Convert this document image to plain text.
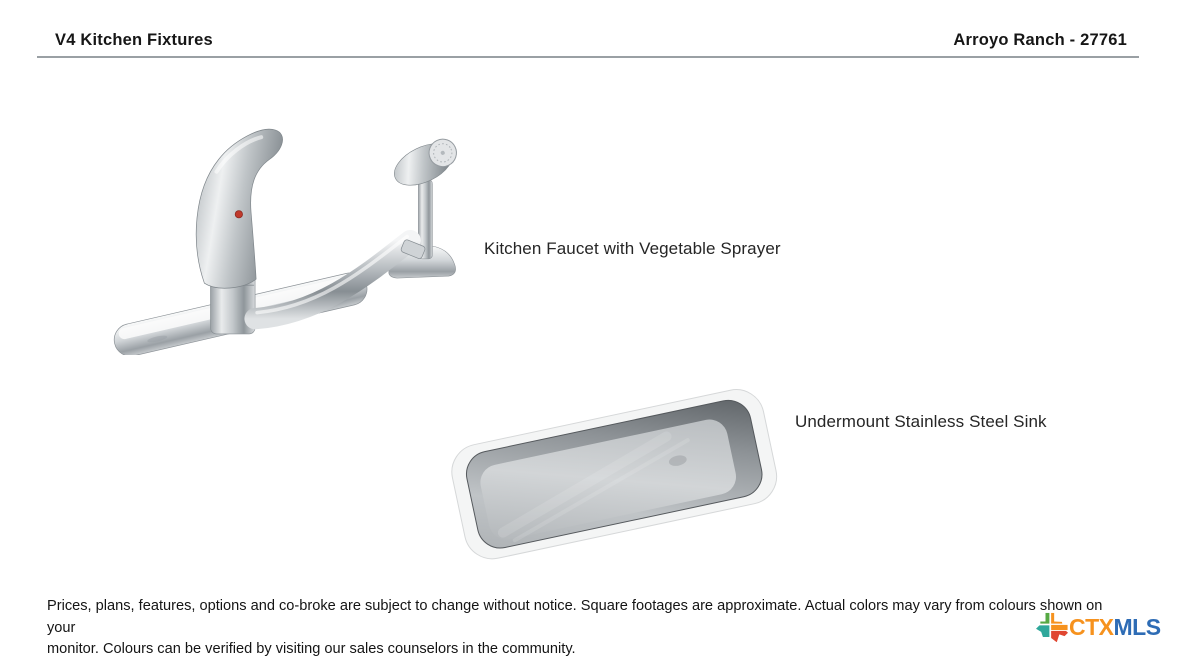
V4 Kitchen Fixtures	Arroyo Ranch - 27761
Kitchen Faucet with Vegetable Sprayer
Undermount Stainless Steel Sink
Prices, plans, features, options and co-broke are subject to change without notice. Square footages are approximate. Actual colors may vary from colours shown on your
monitor. Colours can be verified by visiting our sales counselors in the community.
CTXMLS
